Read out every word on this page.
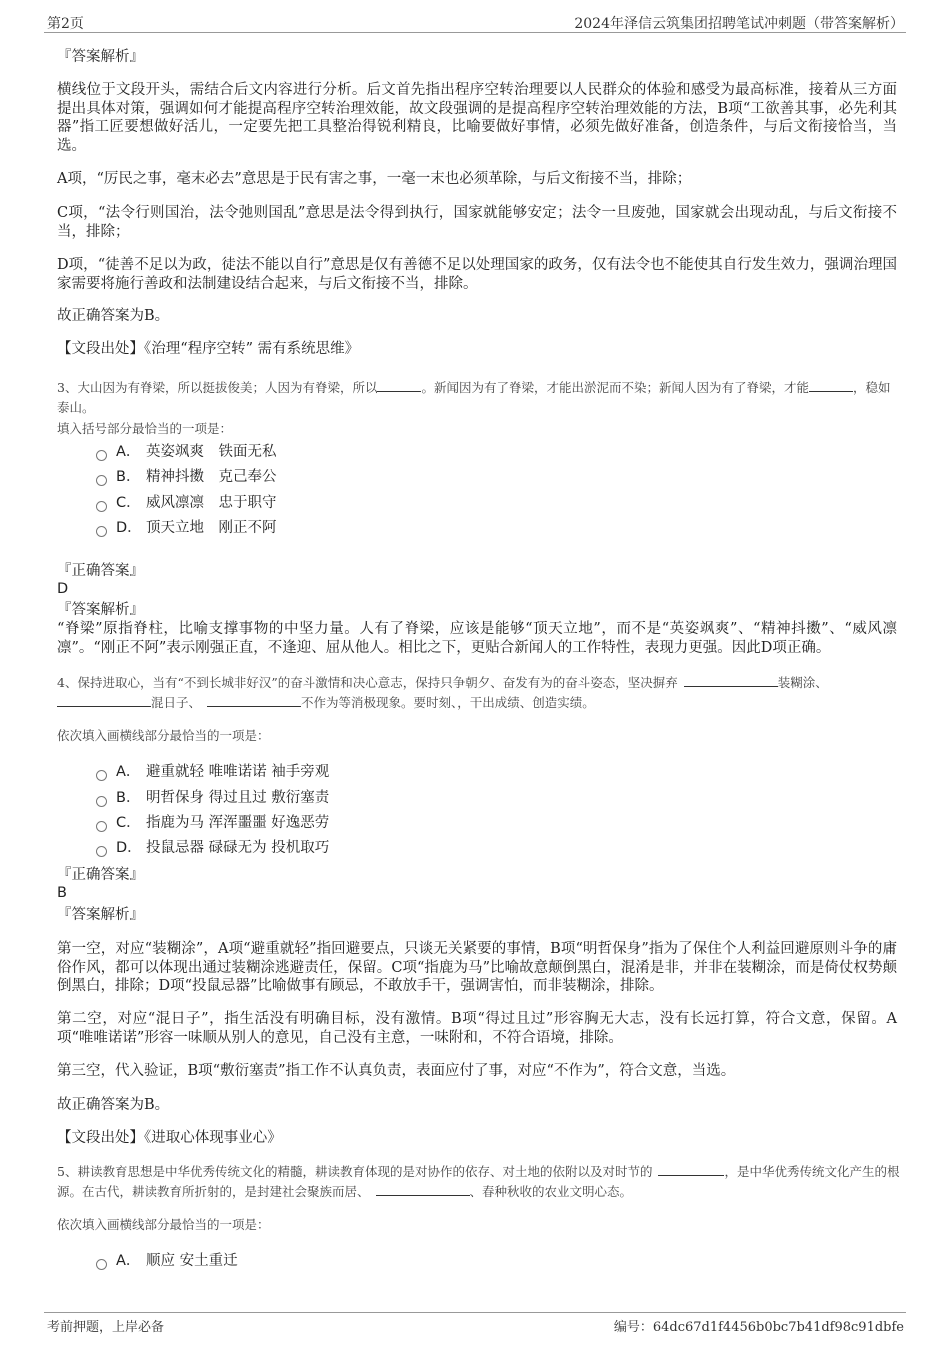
第2页	2024年泽信云筑集团招聘笔试冲刺题（带答案解析）
『答案解析』
横线位于文段开头，需结合后文内容进行分析。后文首先指出程序空转治理要以人民群众的体验和感受为最高标准，接着从三方面提出具体对策，强调如何才能提高程序空转治理效能，故文段强调的是提高程序空转治理效能的方法，B项“工欲善其事，必先利其器”指工匠要想做好活儿，一定要先把工具整治得锐利精良，比喻要做好事情，必须先做好准备，创造条件，与后文衔接恰当，当选。
A项，“厉民之事，毫末必去”意思是于民有害之事，一毫一末也必须革除，与后文衔接不当，排除；
C项，“法令行则国治，法令弛则国乱”意思是法令得到执行，国家就能够安定；法令一旦废弛，国家就会出现动乱，与后文衔接不当，排除；
D项，“徒善不足以为政，徒法不能以自行”意思是仅有善德不足以处理国家的政务，仅有法令也不能使其自行发生效力，强调治理国家需要将施行善政和法制建设结合起来，与后文衔接不当，排除。
故正确答案为B。
【文段出处】《治理“程序空转” 需有系统思维》
3、大山因为有脊梁，所以挺拔俊美；人因为有脊梁，所以	。新闻因为有了脊梁，才能出淤泥而不染；新闻人因为有了脊梁，才能	，稳如泰山。
填入括号部分最恰当的一项是：
A． 英姿飒爽　铁面无私
B． 精神抖擞　克己奉公
C． 威风凛凛　忠于职守
D． 顶天立地　刚正不阿
『正确答案』
D
『答案解析』
“脊梁”原指脊柱，比喻支撑事物的中坚力量。人有了脊梁，应该是能够“顶天立地”，而不是“英姿飒爽”、“精神抖擞”、“威风凛凛”。“刚正不阿”表示刚强正直，不逢迎、屈从他人。相比之下，更贴合新闻人的工作特性，表现力更强。因此D项正确。
4、保持进取心，当有“不到长城非好汉”的奋斗激情和决心意志，保持只争朝夕、奋发有为的奋斗姿态，坚决摒弃	装糊涂、
混日子、	不作为等消极现象。要时刻、，干出成绩、创造实绩。
依次填入画横线部分最恰当的一项是：
A． 避重就轻 唯唯诺诺 袖手旁观
B． 明哲保身 得过且过 敷衍塞责
C． 指鹿为马 浑浑噩噩 好逸恶劳
D． 投鼠忌器 碌碌无为 投机取巧
『正确答案』
B
『答案解析』
第一空，对应“装糊涂”，A项“避重就轻”指回避要点，只谈无关紧要的事情，B项“明哲保身”指为了保住个人利益回避原则斗争的庸俗作风，都可以体现出通过装糊涂逃避责任，保留。C项“指鹿为马”比喻故意颠倒黑白，混淆是非，并非在装糊涂，而是倚仗权势颠倒黑白，排除；D项“投鼠忌器”比喻做事有顾忌，不敢放手干，强调害怕，而非装糊涂，排除。
第二空，对应“混日子”，指生活没有明确目标，没有激情。B项“得过且过”形容胸无大志，没有长远打算，符合文意，保留。A项“唯唯诺诺”形容一味顺从别人的意见，自己没有主意，一味附和，不符合语境，排除。
第三空，代入验证，B项“敷衍塞责”指工作不认真负责，表面应付了事，对应“不作为”，符合文意，当选。
故正确答案为B。
【文段出处】《进取心体现事业心》
5、耕读教育思想是中华优秀传统文化的精髓，耕读教育体现的是对协作的依存、对土地的依附以及对时节的	，是中华优秀传统文化产生的根源。在古代，耕读教育所折射的，是封建社会聚族而居、	、春种秋收的农业文明心态。
依次填入画横线部分最恰当的一项是：
A． 顺应 安土重迁
考前押题，上岸必备	编号：64dc67d1f4456b0bc7b41df98c91dbfe
